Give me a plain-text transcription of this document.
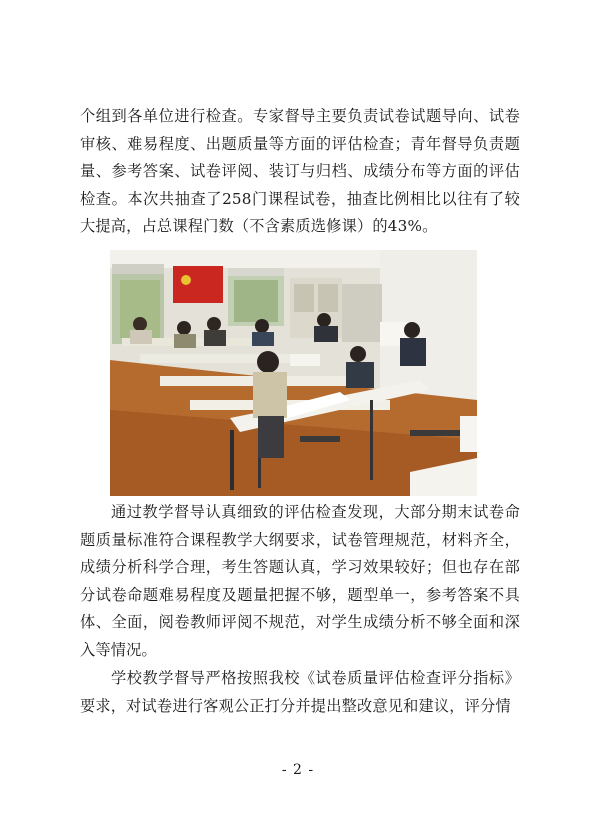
个组到各单位进行检查。专家督导主要负责试卷试题导向、试卷审核、难易程度、出题质量等方面的评估检查；青年督导负责题量、参考答案、试卷评阅、装订与归档、成绩分布等方面的评估检查。本次共抽查了258门课程试卷，抽查比例相比以往有了较大提高，占总课程门数（不含素质选修课）的43%。

通过教学督导认真细致的评估检查发现，大部分期末试卷命题质量标准符合课程教学大纲要求，试卷管理规范，材料齐全，成绩分析科学合理，考生答题认真，学习效果较好；但也存在部分试卷命题难易程度及题量把握不够，题型单一，参考答案不具体、全面，阅卷教师评阅不规范，对学生成绩分析不够全面和深入等情况。

学校教学督导严格按照我校《试卷质量评估检查评分指标》要求，对试卷进行客观公正打分并提出整改意见和建议，评分情

- 2 -
